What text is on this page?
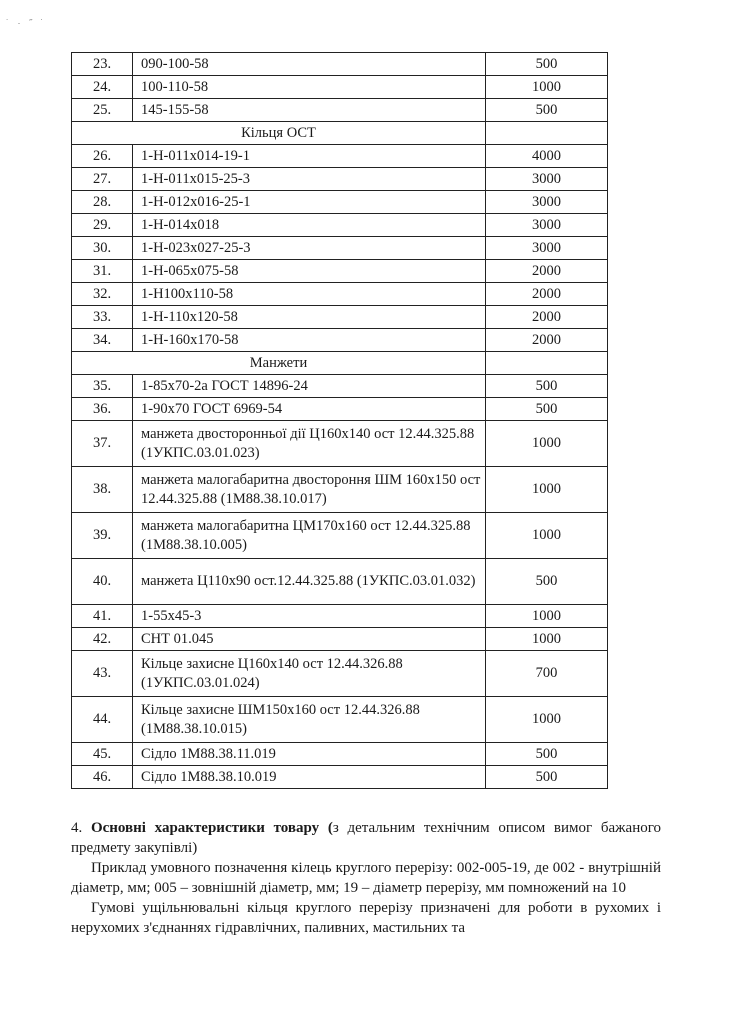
˙ · ˝ ˙
23.	090-100-58	500
24.	100-110-58	1000
25.	145-155-58	500
Кільця ОСТ		
26.	1-Н-011х014-19-1	4000
27.	1-Н-011х015-25-3	3000
28.	1-Н-012х016-25-1	3000
29.	1-Н-014х018	3000
30.	1-Н-023х027-25-3	3000
31.	1-Н-065х075-58	2000
32.	1-Н100х110-58	2000
33.	1-Н-110х120-58	2000
34.	1-Н-160х170-58	2000
Манжети		
35.	1-85х70-2а ГОСТ 14896-24	500
36.	1-90х70 ГОСТ 6969-54	500
37.	манжета двосторонньої дії Ц160х140 ост 12.44.325.88 (1УКПС.03.01.023)	1000
38.	манжета малогабаритна двостороння ШМ 160х150 ост 12.44.325.88 (1М88.38.10.017)	1000
39.	манжета малогабаритна ЦМ170х160 ост 12.44.325.88 (1М88.38.10.005)	1000
40.	манжета Ц110х90 ост.12.44.325.88 (1УКПС.03.01.032)	500
41.	1-55х45-3	1000
42.	СНТ 01.045	1000
43.	Кільце захисне Ц160х140 ост 12.44.326.88 (1УКПС.03.01.024)	700
44.	Кільце захисне ШМ150х160 ост 12.44.326.88 (1М88.38.10.015)	1000
45.	Сідло 1М88.38.11.019	500
46.	Сідло 1М88.38.10.019	500

4. Основні характеристики товару (з детальним технічним описом вимог бажаного предмету закупівлі)

Приклад умовного позначення кілець круглого перерізу: 002-005-19, де 002 - внутрішній діаметр, мм; 005 – зовнішній діаметр, мм; 19 – діаметр перерізу, мм помножений на 10

Гумові ущільнювальні кільця круглого перерізу призначені для роботи в рухомих і нерухомих з'єднаннях гідравлічних, паливних, мастильних та
